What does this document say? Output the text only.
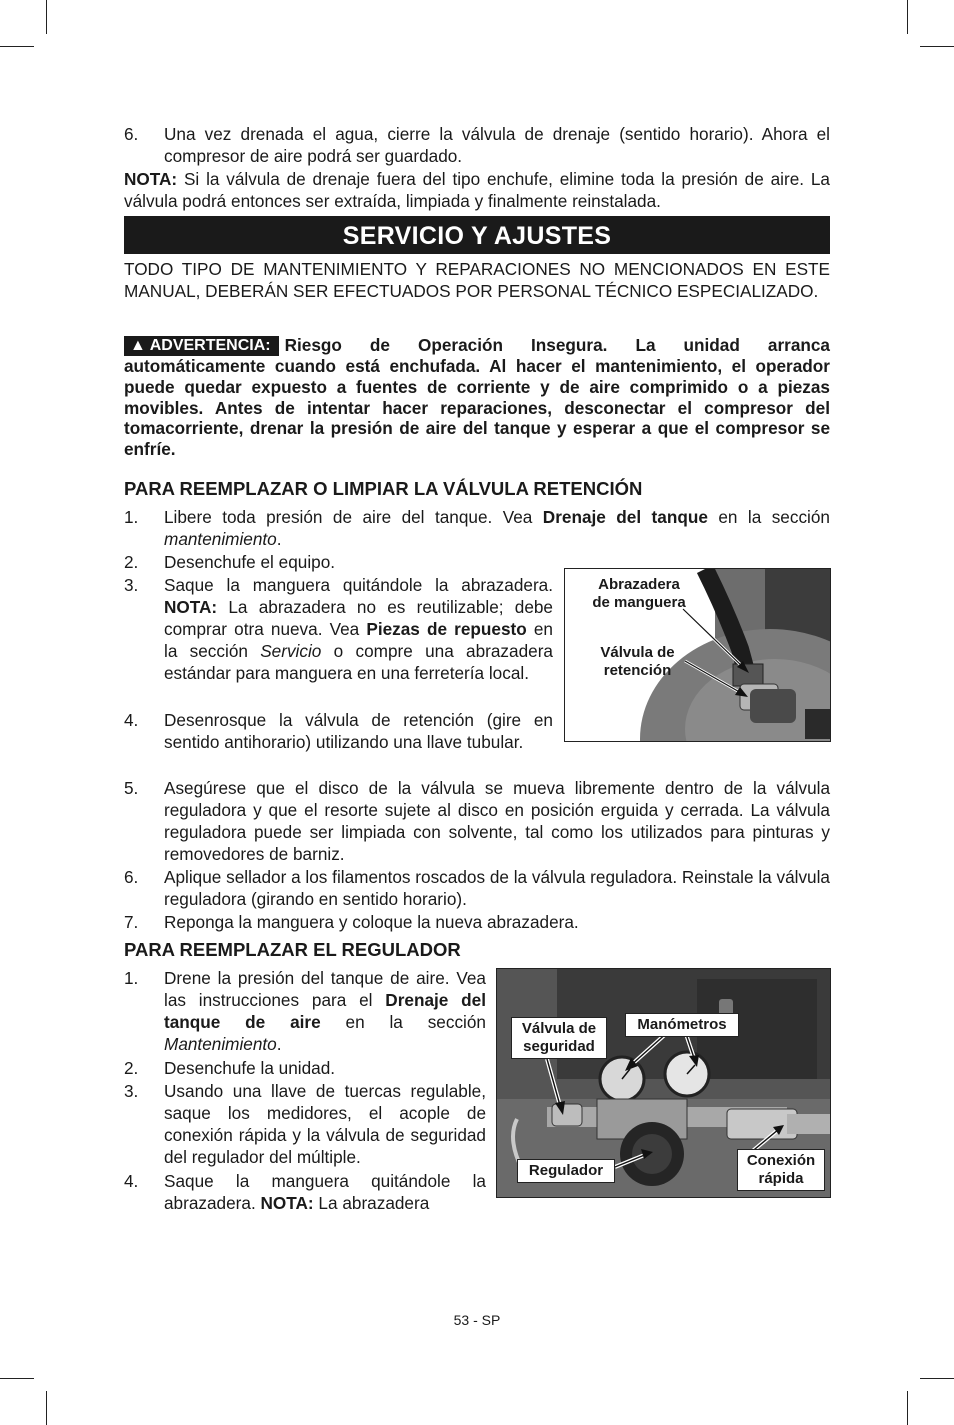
6. Una vez drenada el agua, cierre la válvula de drenaje (sentido horario). Ahora el compresor de aire podrá ser guardado.

NOTA: Si la válvula de drenaje fuera del tipo enchufe, elimine toda la presión de aire. La válvula podrá entonces ser extraída, limpiada y finalmente reinstalada.

SERVICIO Y AJUSTES

TODO TIPO DE MANTENIMIENTO Y REPARACIONES NO MENCIONADOS EN ESTE MANUAL, DEBERÁN SER EFECTUADOS POR PERSONAL TÉCNICO ESPECIALIZADO.

▲ ADVERTENCIA: Riesgo de Operación Insegura. La unidad arranca automáticamente cuando está enchufada. Al hacer el mantenimiento, el operador puede quedar expuesto a fuentes de corriente y de aire comprimido o a piezas movibles. Antes de intentar hacer reparaciones, desconectar el compresor del tomacorriente, drenar la presión de aire del tanque y esperar a que el compresor se enfríe.

PARA REEMPLAZAR O LIMPIAR LA VÁLVULA RETENCIÓN
1. Libere toda presión de aire del tanque. Vea Drenaje del tanque en la sección mantenimiento.
2. Desenchufe el equipo.
3. Saque la manguera quitándole la abrazadera. NOTA: La abrazadera no es reutilizable; debe comprar otra nueva. Vea Piezas de repuesto en la sección Servicio o compre una abrazadera estándar para manguera en una ferretería local.
4. Desenrosque la válvula de retención (gire en sentido antihorario) utilizando una llave tubular.
Abrazadera
de manguera
Válvula de
retención
5. Asegúrese que el disco de la válvula se mueva libremente dentro de la válvula reguladora y que el resorte sujete al disco en posición erguida y cerrada. La válvula reguladora puede ser limpiada con solvente, tal como los utilizados para pinturas y removedores de barniz.
6. Aplique sellador a los filamentos roscados de la válvula reguladora. Reinstale la válvula reguladora (girando en sentido horario).
7. Reponga la manguera y coloque la nueva abrazadera.
PARA REEMPLAZAR EL REGULADOR
1. Drene la presión del tanque de aire. Vea las instrucciones para el Drenaje del tanque de aire en la sección Mantenimiento.
2. Desenchufe la unidad.
3. Usando una llave de tuercas regulable, saque los medidores, el acople de conexión rápida y la válvula de seguridad del regulador del múltiple.
4. Saque la manguera quitándole la abrazadera. NOTA: La abrazadera
Válvula de
seguridad
Manómetros
Regulador
Conexión
rápida
53 - SP
